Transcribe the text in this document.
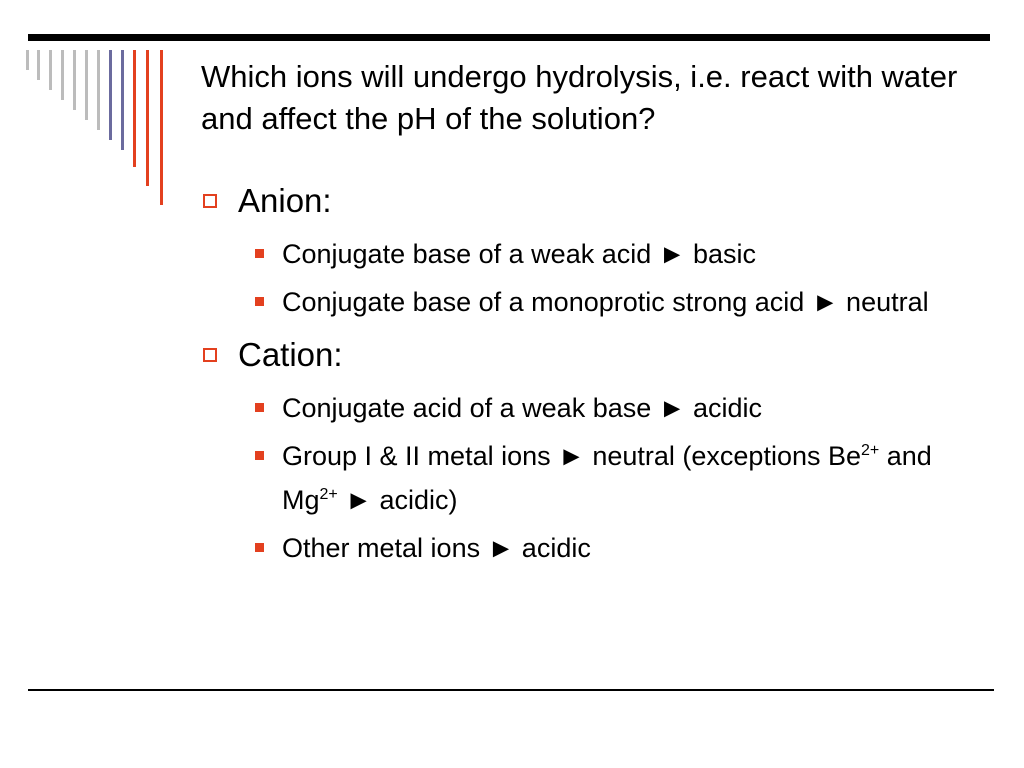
Which ions will undergo hydrolysis, i.e. react with water and affect the pH of the solution?
Anion:
Conjugate base of a weak acid ► basic
Conjugate base of a monoprotic strong acid ► neutral
Cation:
Conjugate acid of a weak base ► acidic
Group I & II metal ions ► neutral (exceptions $Be^{2+}$ and $Mg^{2+}$ ► acidic)
Other metal ions ► acidic
